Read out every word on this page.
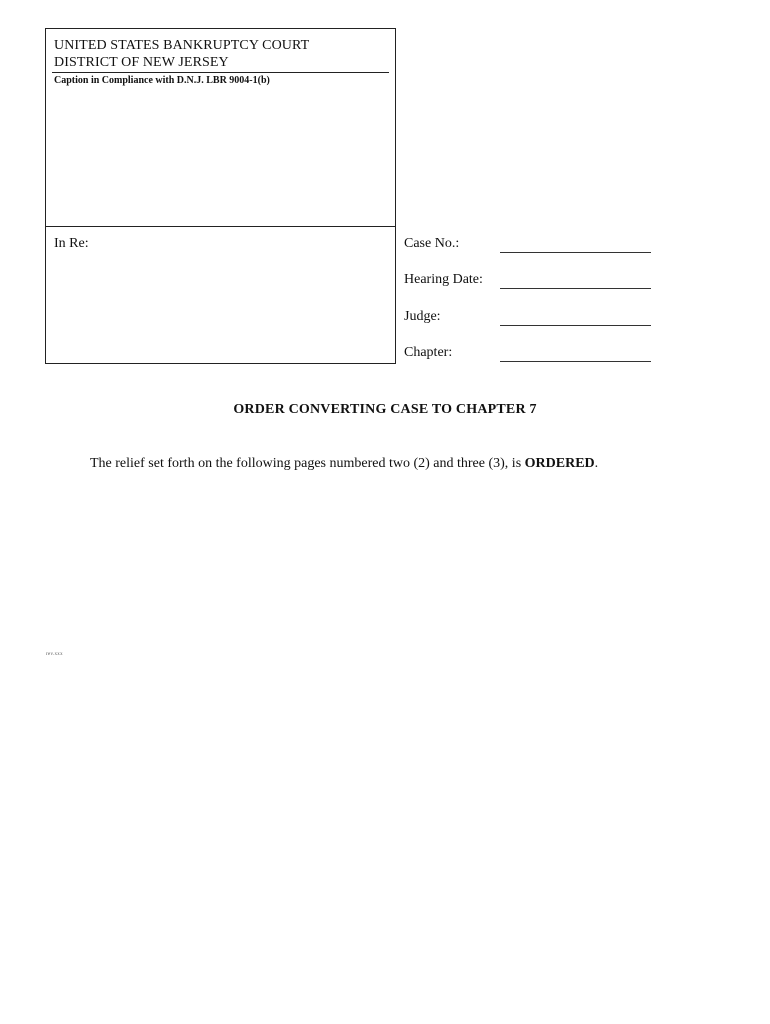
UNITED STATES BANKRUPTCY COURT
DISTRICT OF NEW JERSEY
Caption in Compliance with D.N.J. LBR 9004-1(b)
In Re:	Case No.:
Hearing Date:
Judge:
Chapter:
ORDER CONVERTING CASE TO CHAPTER 7
The relief set forth on the following pages numbered two (2) and three (3), is ORDERED.
rev.xxx
